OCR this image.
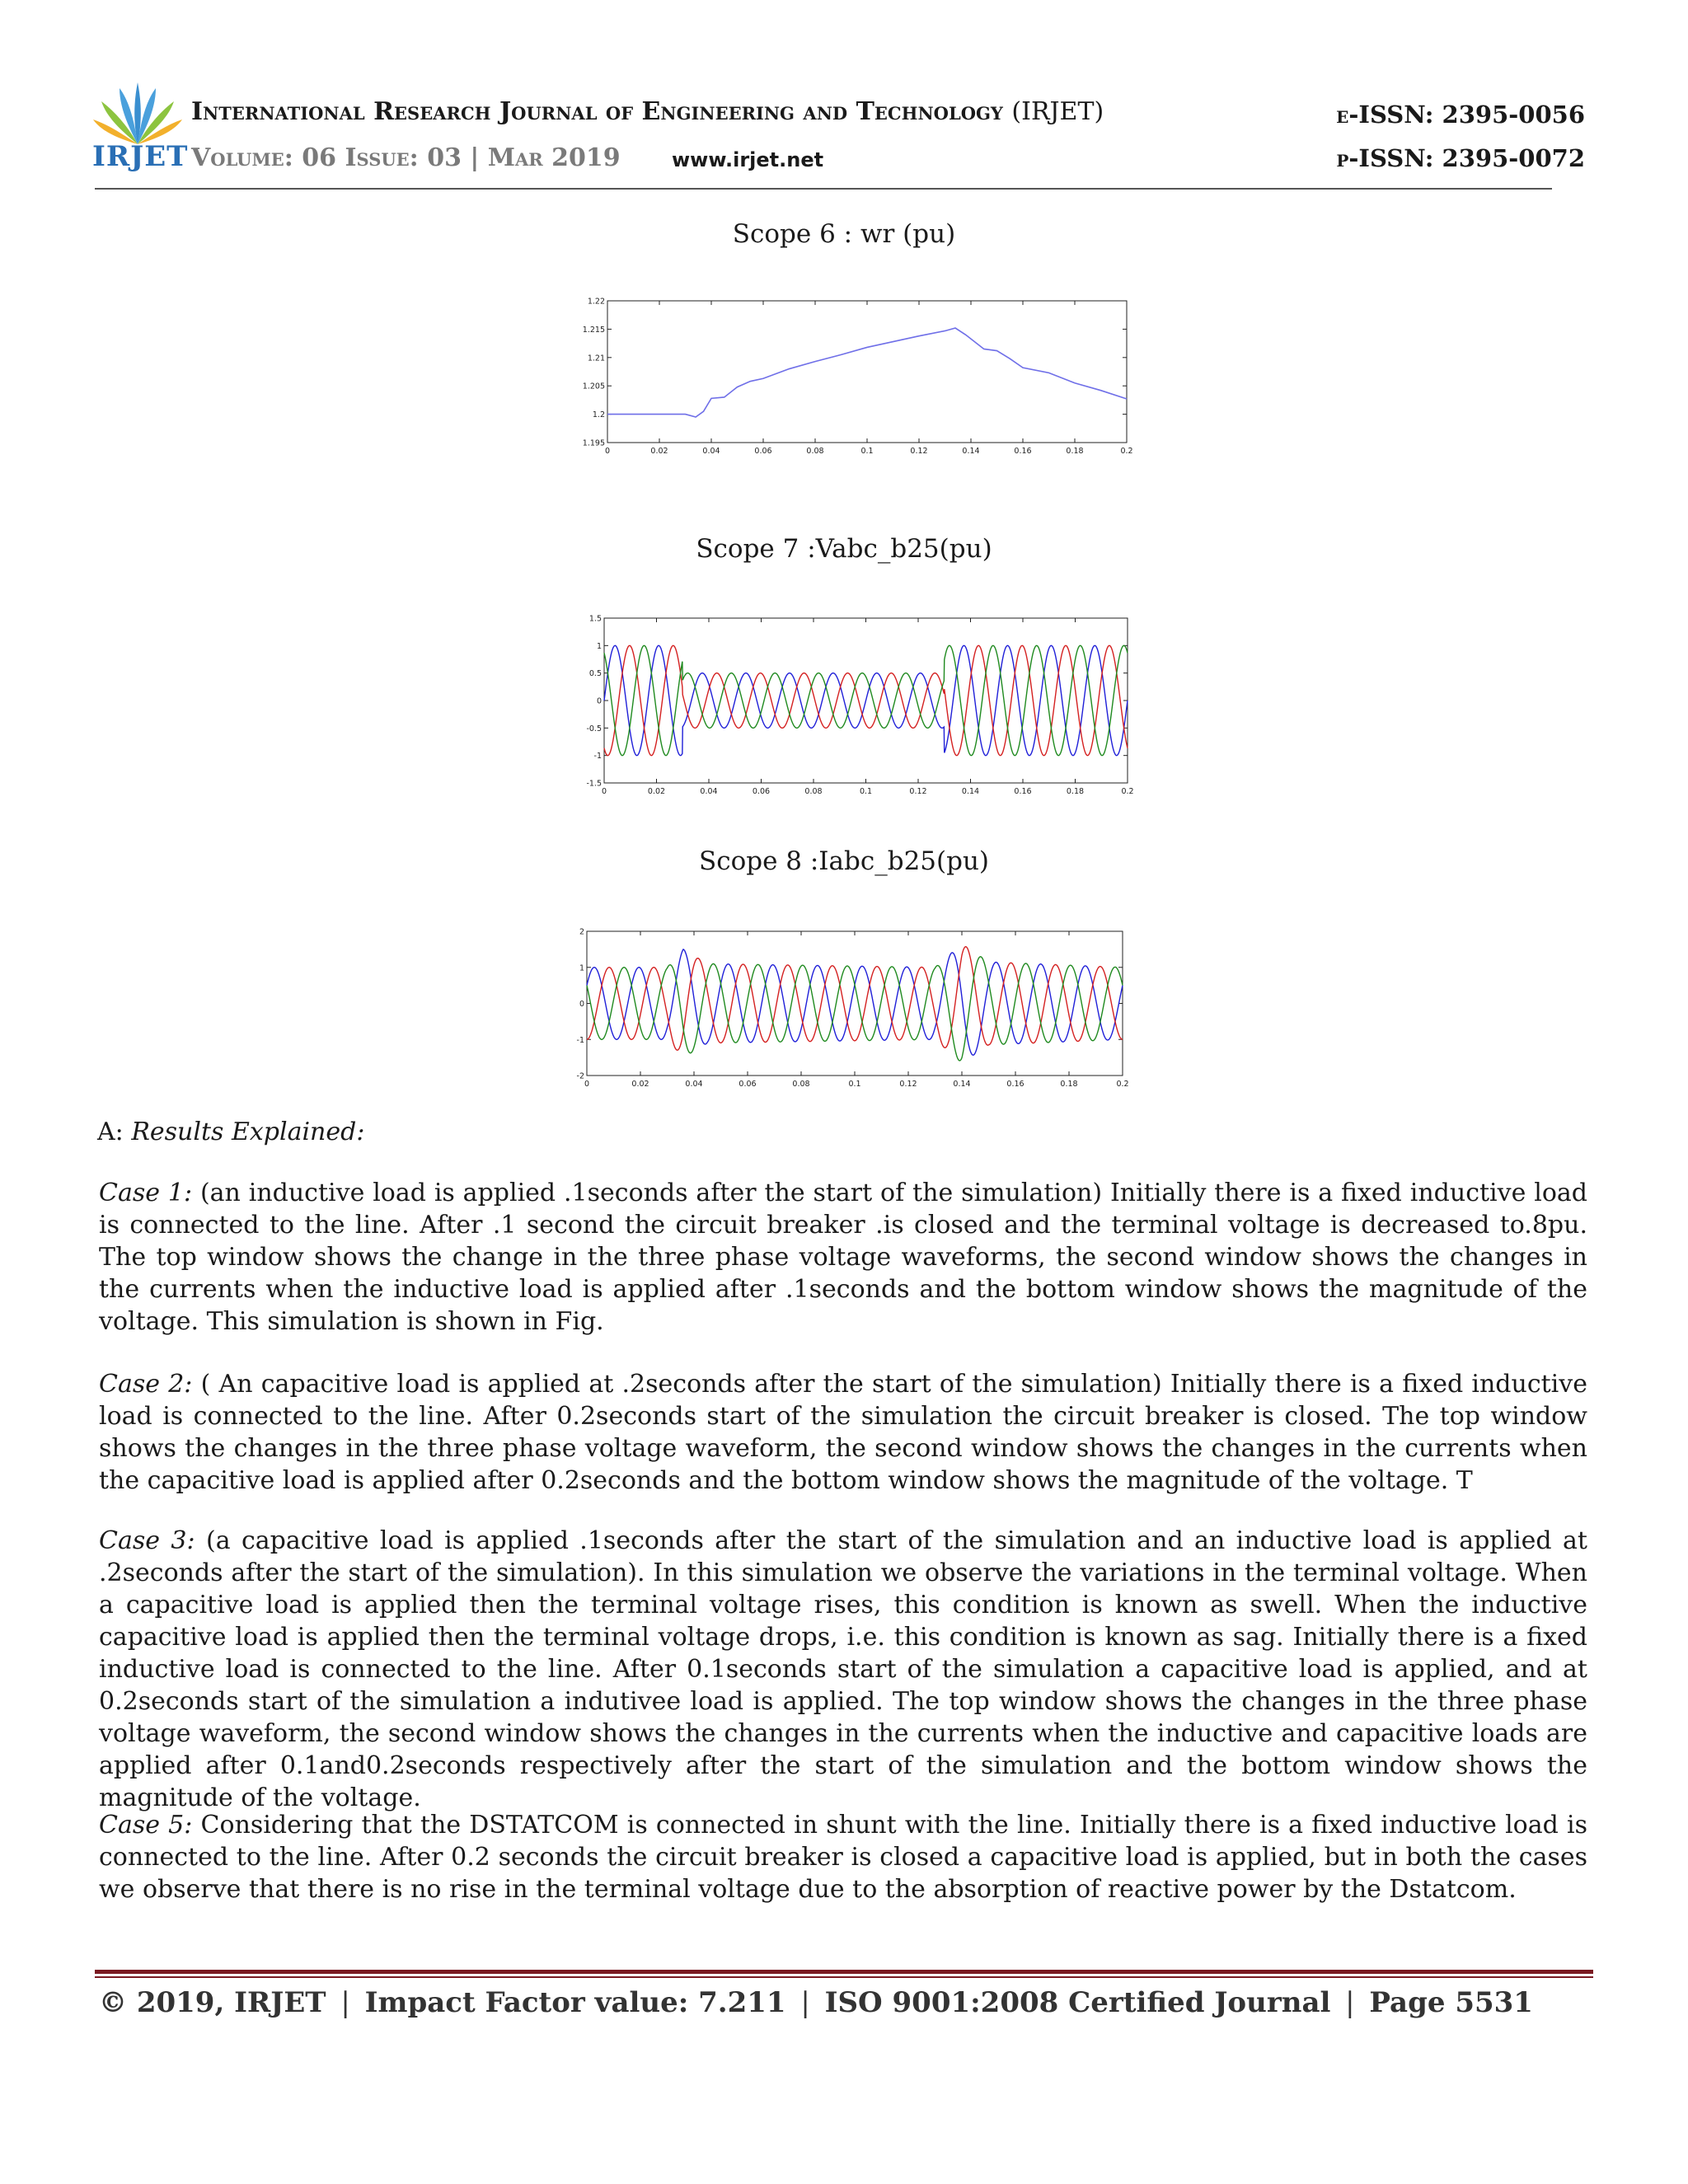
IRJET
International Research Journal of Engineering and Technology (IRJET)
Volume: 06 Issue: 03 | Mar 2019	www.irjet.net
e-ISSN: 2395-0056
p-ISSN: 2395-0072
Scope 6 : wr (pu)
0	0.02	0.04	0.06	0.08	0.1	0.12	0.14	0.16	0.18	0.2
1.195
1.2
1.205
1.21
1.215
1.22
Scope 7 :Vabc_b25(pu)
0	0.02	0.04	0.06	0.08	0.1	0.12	0.14	0.16	0.18	0.2
-1.5
-1
-0.5
0
0.5
1
1.5
Scope 8 :Iabc_b25(pu)
0	0.02	0.04	0.06	0.08	0.1	0.12	0.14	0.16	0.18	0.2
-2
-1
0
1
2
A: Results Explained:
Case 1: (an inductive load is applied .1seconds after the start of the simulation) Initially there is a fixed inductive load is connected to the line. After .1 second the circuit breaker .is closed and the terminal voltage is decreased to.8pu. The top window shows the change in the three phase voltage waveforms, the second window shows the changes in the currents when the inductive load is applied after .1seconds and the bottom window shows the magnitude of the voltage. This simulation is shown in Fig.
Case 2: ( An capacitive load is applied at .2seconds after the start of the simulation) Initially there is a fixed inductive load is connected to the line. After 0.2seconds start of the simulation the circuit breaker is closed. The top window shows the changes in the three phase voltage waveform, the second window shows the changes in the currents when the capacitive load is applied after 0.2seconds and the bottom window shows the magnitude of the voltage. T
Case 3: (a capacitive load is applied .1seconds after the start of the simulation and an inductive load is applied at .2seconds after the start of the simulation). In this simulation we observe the variations in the terminal voltage. When a capacitive load is applied then the terminal voltage rises, this condition is known as swell. When the inductive capacitive load is applied then the terminal voltage drops, i.e. this condition is known as sag. Initially there is a fixed inductive load is connected to the line. After 0.1seconds start of the simulation a capacitive load is applied, and at 0.2seconds start of the simulation a indutivee load is applied. The top window shows the changes in the three phase voltage waveform, the second window shows the changes in the currents when the inductive and capacitive loads are applied after 0.1and0.2seconds respectively after the start of the simulation and the bottom window shows the magnitude of the voltage.
Case 5: Considering that the DSTATCOM is connected in shunt with the line. Initially there is a fixed inductive load is connected to the line. After 0.2 seconds the circuit breaker is closed a capacitive load is applied, but in both the cases we observe that there is no rise in the terminal voltage due to the absorption of reactive power by the Dstatcom.
© 2019, IRJET | Impact Factor value: 7.211 | ISO 9001:2008 Certified Journal | Page 5531
